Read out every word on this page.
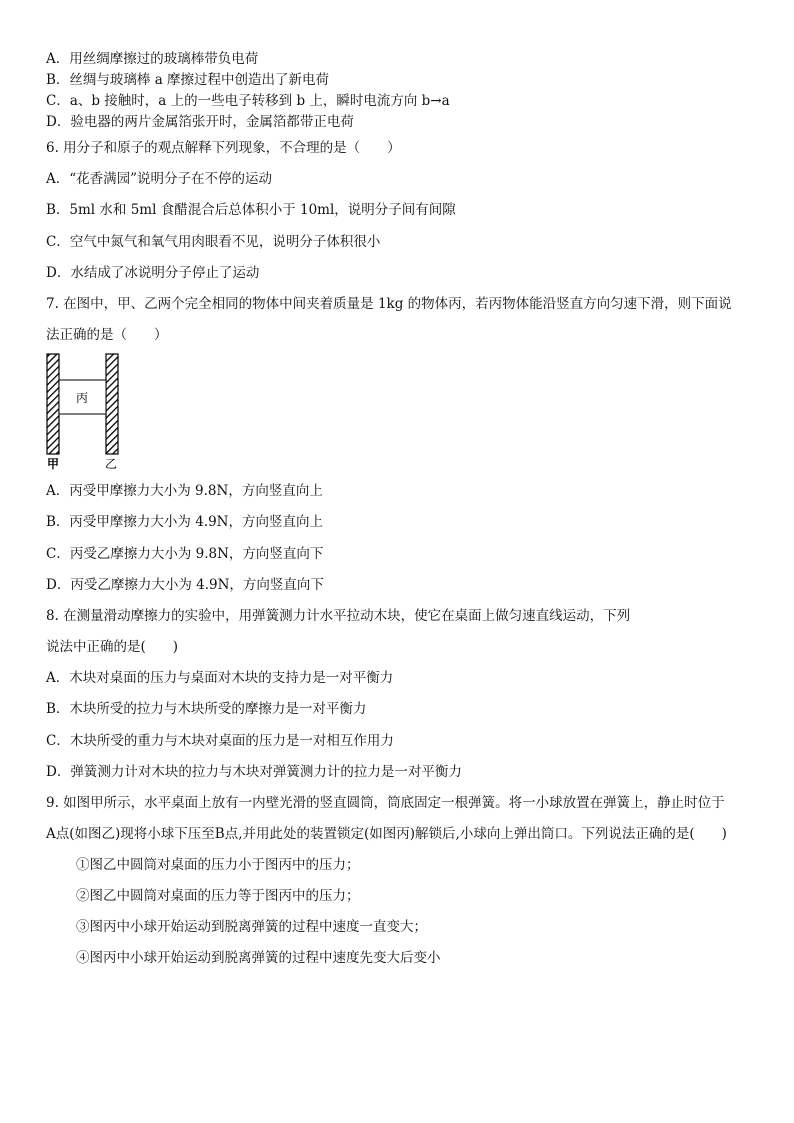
A．用丝绸摩擦过的玻璃棒带负电荷
B．丝绸与玻璃棒 a 摩擦过程中创造出了新电荷
C．a、b 接触时，a 上的一些电子转移到 b 上，瞬时电流方向 b→a
D．验电器的两片金属箔张开时，金属箔都带正电荷
6. 用分子和原子的观点解释下列现象，不合理的是（　　）
A．“花香满园”说明分子在不停的运动
B．5ml 水和 5ml 食醋混合后总体积小于 10ml，说明分子间有间隙
C．空气中氮气和氧气用肉眼看不见，说明分子体积很小
D．水结成了冰说明分子停止了运动
7. 在图中，甲、乙两个完全相同的物体中间夹着质量是 1kg 的物体丙，若丙物体能沿竖直方向匀速下滑，则下面说
法正确的是（　　）
丙
甲	乙
A．丙受甲摩擦力大小为 9.8N，方向竖直向上
B．丙受甲摩擦力大小为 4.9N，方向竖直向上
C．丙受乙摩擦力大小为 9.8N，方向竖直向下
D．丙受乙摩擦力大小为 4.9N，方向竖直向下
8. 在测量滑动摩擦力的实验中，用弹簧测力计水平拉动木块，使它在桌面上做匀速直线运动，下列
说法中正确的是(　　)
A．木块对桌面的压力与桌面对木块的支持力是一对平衡力
B．木块所受的拉力与木块所受的摩擦力是一对平衡力
C．木块所受的重力与木块对桌面的压力是一对相互作用力
D．弹簧测力计对木块的拉力与木块对弹簧测力计的拉力是一对平衡力
9. 如图甲所示，水平桌面上放有一内壁光滑的竖直圆筒，筒底固定一根弹簧。将一小球放置在弹簧上，静止时位于
A点(如图乙)现将小球下压至B点,并用此处的装置锁定(如图丙)解锁后,小球向上弹出筒口。下列说法正确的是(　　)
①图乙中圆筒对桌面的压力小于图丙中的压力；
②图乙中圆筒对桌面的压力等于图丙中的压力；
③图丙中小球开始运动到脱离弹簧的过程中速度一直变大；
④图丙中小球开始运动到脱离弹簧的过程中速度先变大后变小
